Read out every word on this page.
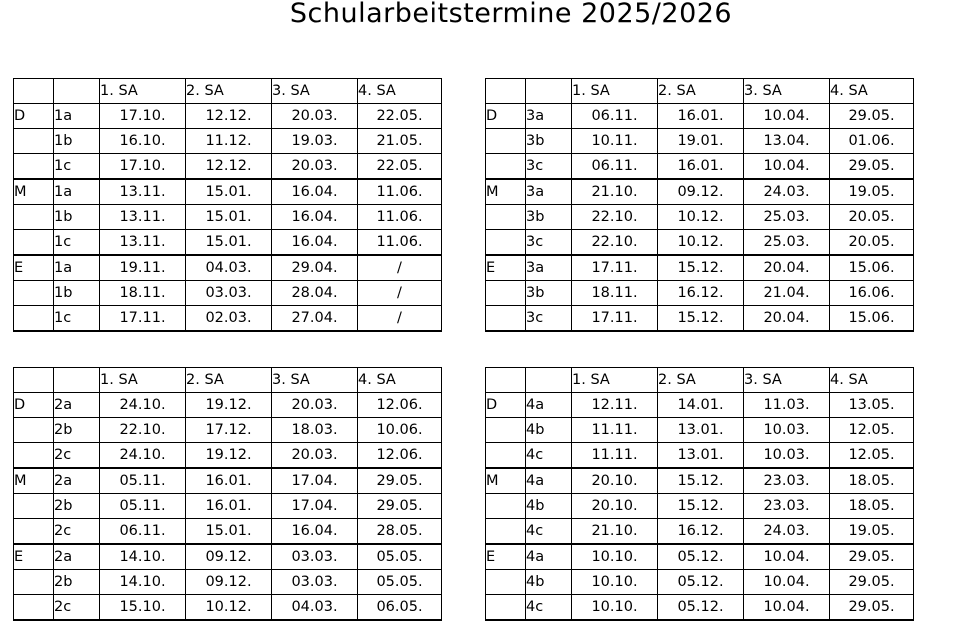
Schularbeitstermine 2025/2026
		1. SA	2. SA	3. SA	4. SA
D	1a	17.10.	12.12.	20.03.	22.05.
	1b	16.10.	11.12.	19.03.	21.05.
	1c	17.10.	12.12.	20.03.	22.05.
M	1a	13.11.	15.01.	16.04.	11.06.
	1b	13.11.	15.01.	16.04.	11.06.
	1c	13.11.	15.01.	16.04.	11.06.
E	1a	19.11.	04.03.	29.04.	/
	1b	18.11.	03.03.	28.04.	/
	1c	17.11.	02.03.	27.04.	/
		1. SA	2. SA	3. SA	4. SA
D	3a	06.11.	16.01.	10.04.	29.05.
	3b	10.11.	19.01.	13.04.	01.06.
	3c	06.11.	16.01.	10.04.	29.05.
M	3a	21.10.	09.12.	24.03.	19.05.
	3b	22.10.	10.12.	25.03.	20.05.
	3c	22.10.	10.12.	25.03.	20.05.
E	3a	17.11.	15.12.	20.04.	15.06.
	3b	18.11.	16.12.	21.04.	16.06.
	3c	17.11.	15.12.	20.04.	15.06.
		1. SA	2. SA	3. SA	4. SA
D	2a	24.10.	19.12.	20.03.	12.06.
	2b	22.10.	17.12.	18.03.	10.06.
	2c	24.10.	19.12.	20.03.	12.06.
M	2a	05.11.	16.01.	17.04.	29.05.
	2b	05.11.	16.01.	17.04.	29.05.
	2c	06.11.	15.01.	16.04.	28.05.
E	2a	14.10.	09.12.	03.03.	05.05.
	2b	14.10.	09.12.	03.03.	05.05.
	2c	15.10.	10.12.	04.03.	06.05.
		1. SA	2. SA	3. SA	4. SA
D	4a	12.11.	14.01.	11.03.	13.05.
	4b	11.11.	13.01.	10.03.	12.05.
	4c	11.11.	13.01.	10.03.	12.05.
M	4a	20.10.	15.12.	23.03.	18.05.
	4b	20.10.	15.12.	23.03.	18.05.
	4c	21.10.	16.12.	24.03.	19.05.
E	4a	10.10.	05.12.	10.04.	29.05.
	4b	10.10.	05.12.	10.04.	29.05.
	4c	10.10.	05.12.	10.04.	29.05.
